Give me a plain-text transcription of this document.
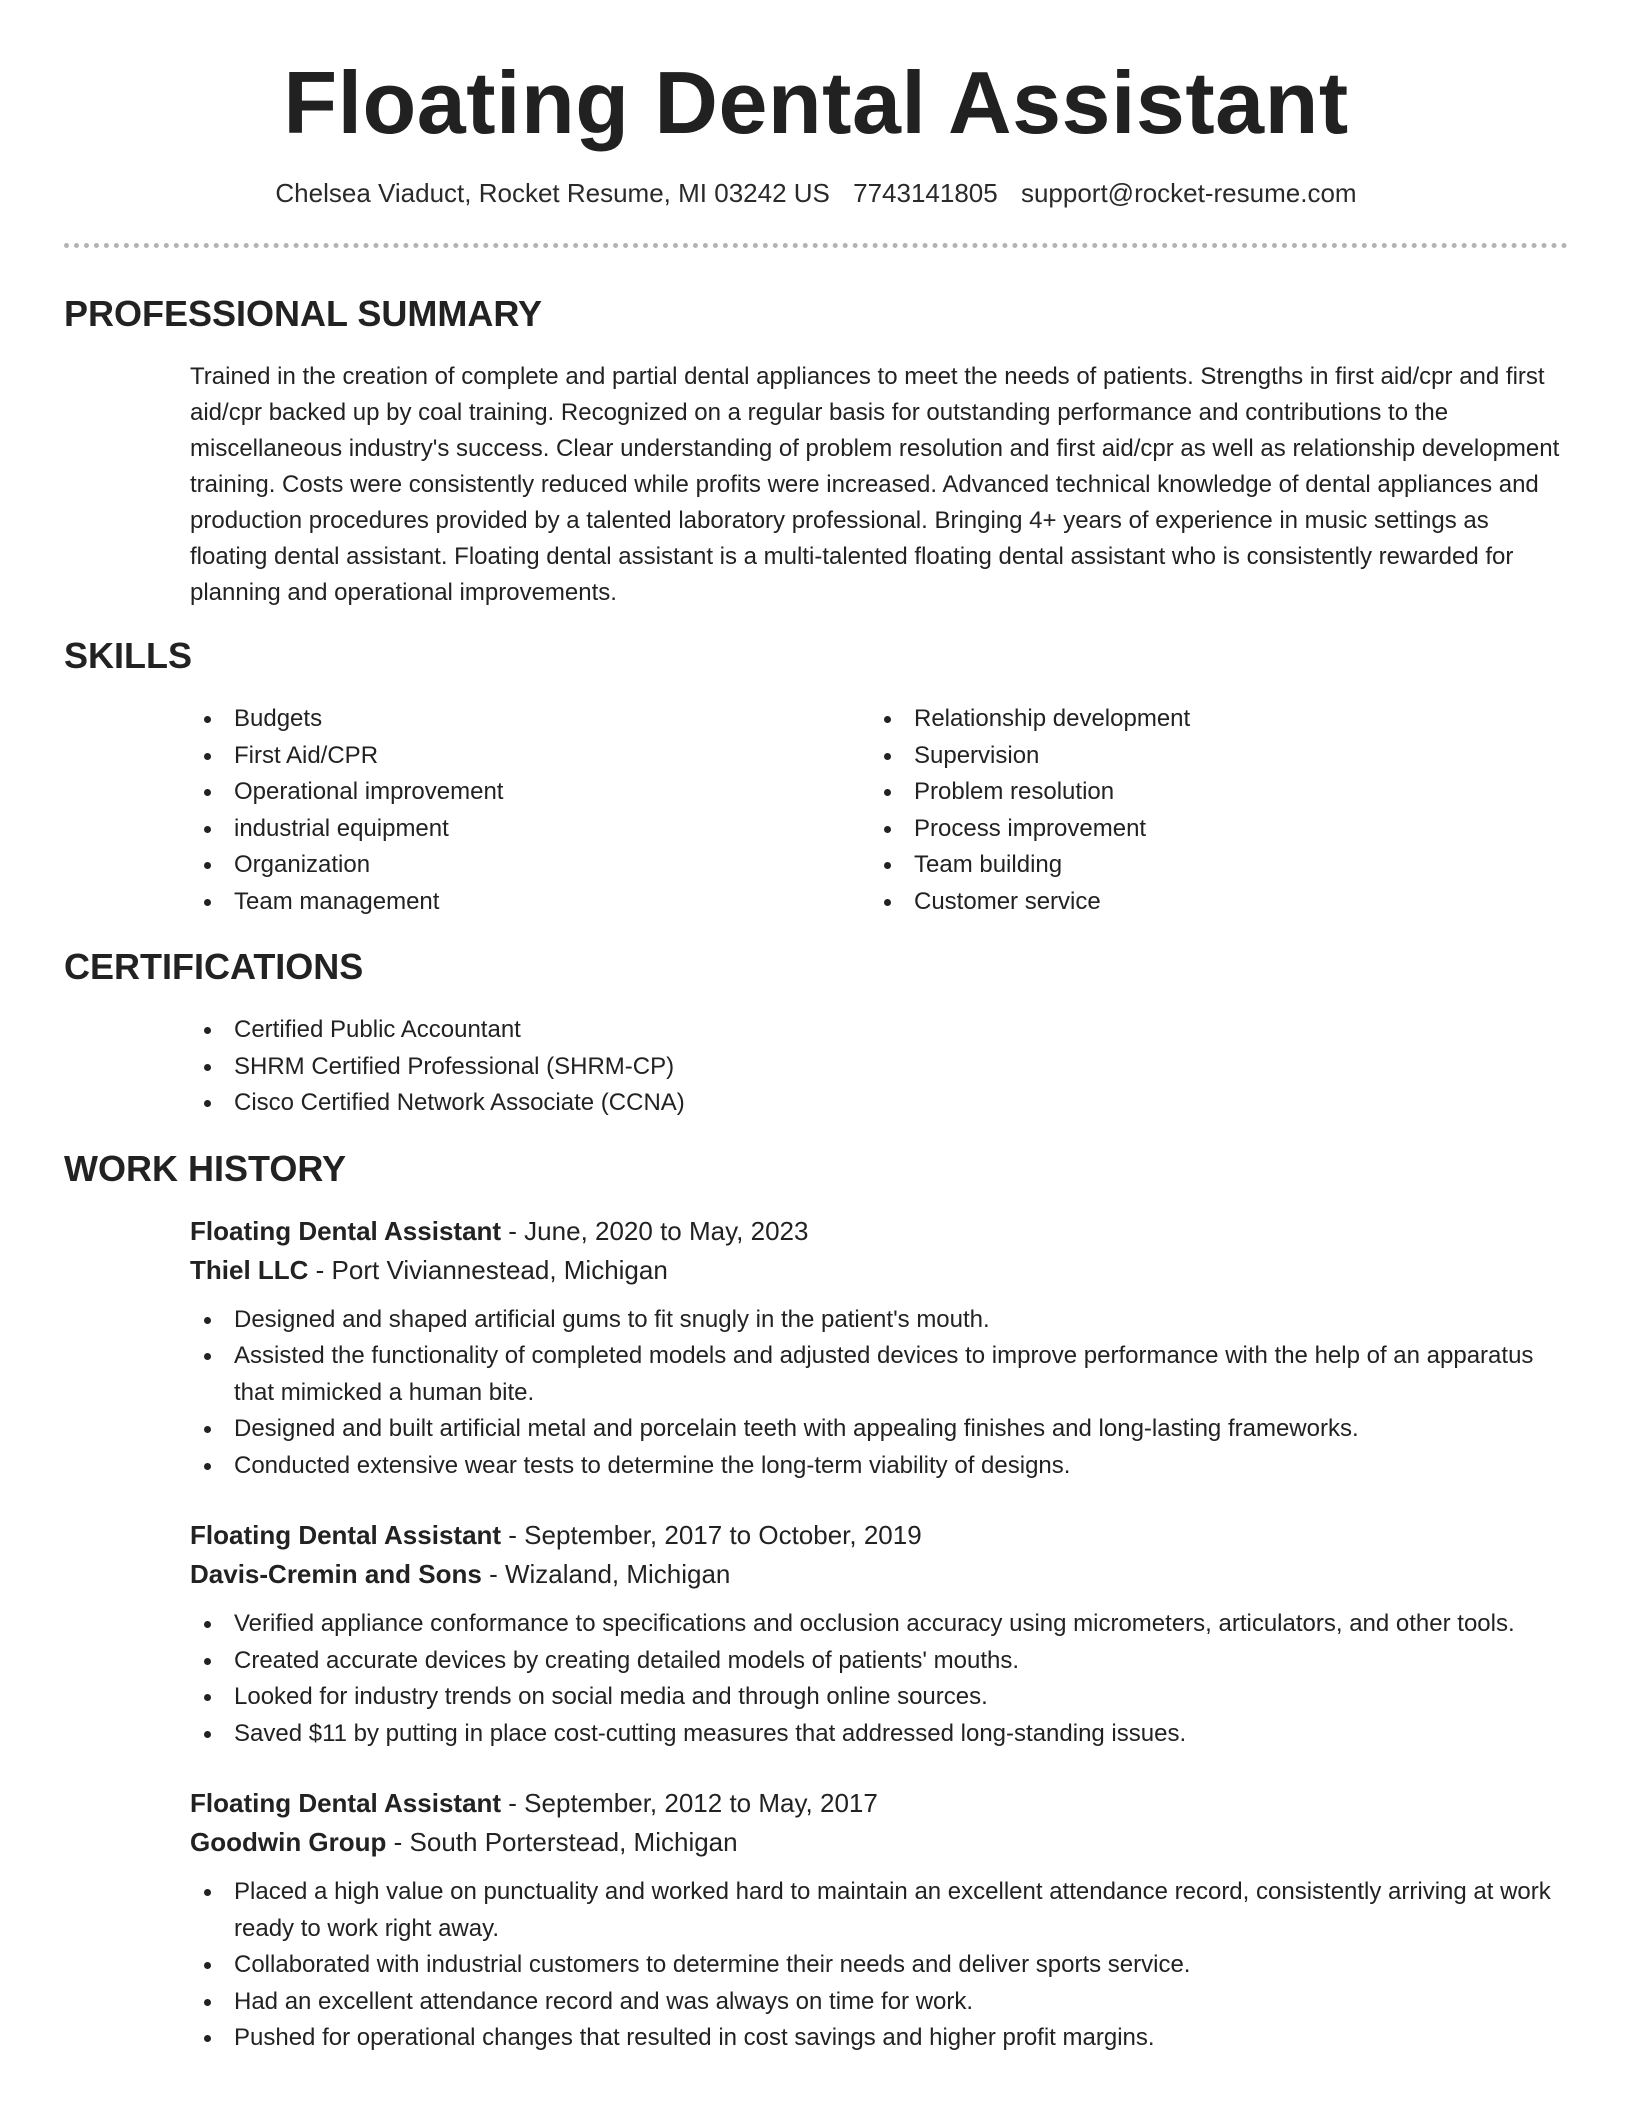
Floating Dental Assistant
Chelsea Viaduct, Rocket Resume, MI 03242 US 7743141805 support@rocket-resume.com
PROFESSIONAL SUMMARY

Trained in the creation of complete and partial dental appliances to meet the needs of patients. Strengths in first aid/cpr and first aid/cpr backed up by coal training. Recognized on a regular basis for outstanding performance and contributions to the miscellaneous industry's success. Clear understanding of problem resolution and first aid/cpr as well as relationship development training. Costs were consistently reduced while profits were increased. Advanced technical knowledge of dental appliances and production procedures provided by a talented laboratory professional. Bringing 4+ years of experience in music settings as floating dental assistant. Floating dental assistant is a multi-talented floating dental assistant who is consistently rewarded for planning and operational improvements.

SKILLS
Budgets
First Aid/CPR
Operational improvement
industrial equipment
Organization
Team management
Relationship development
Supervision
Problem resolution
Process improvement
Team building
Customer service
CERTIFICATIONS
Certified Public Accountant
SHRM Certified Professional (SHRM-CP)
Cisco Certified Network Associate (CCNA)
WORK HISTORY
Floating Dental Assistant - June, 2020 to May, 2023
Thiel LLC - Port Viviannestead, Michigan
Designed and shaped artificial gums to fit snugly in the patient's mouth.
Assisted the functionality of completed models and adjusted devices to improve performance with the help of an apparatus that mimicked a human bite.
Designed and built artificial metal and porcelain teeth with appealing finishes and long-lasting frameworks.
Conducted extensive wear tests to determine the long-term viability of designs.
Floating Dental Assistant - September, 2017 to October, 2019
Davis-Cremin and Sons - Wizaland, Michigan
Verified appliance conformance to specifications and occlusion accuracy using micrometers, articulators, and other tools.
Created accurate devices by creating detailed models of patients' mouths.
Looked for industry trends on social media and through online sources.
Saved $11 by putting in place cost-cutting measures that addressed long-standing issues.
Floating Dental Assistant - September, 2012 to May, 2017
Goodwin Group - South Porterstead, Michigan
Placed a high value on punctuality and worked hard to maintain an excellent attendance record, consistently arriving at work ready to work right away.
Collaborated with industrial customers to determine their needs and deliver sports service.
Had an excellent attendance record and was always on time for work.
Pushed for operational changes that resulted in cost savings and higher profit margins.
